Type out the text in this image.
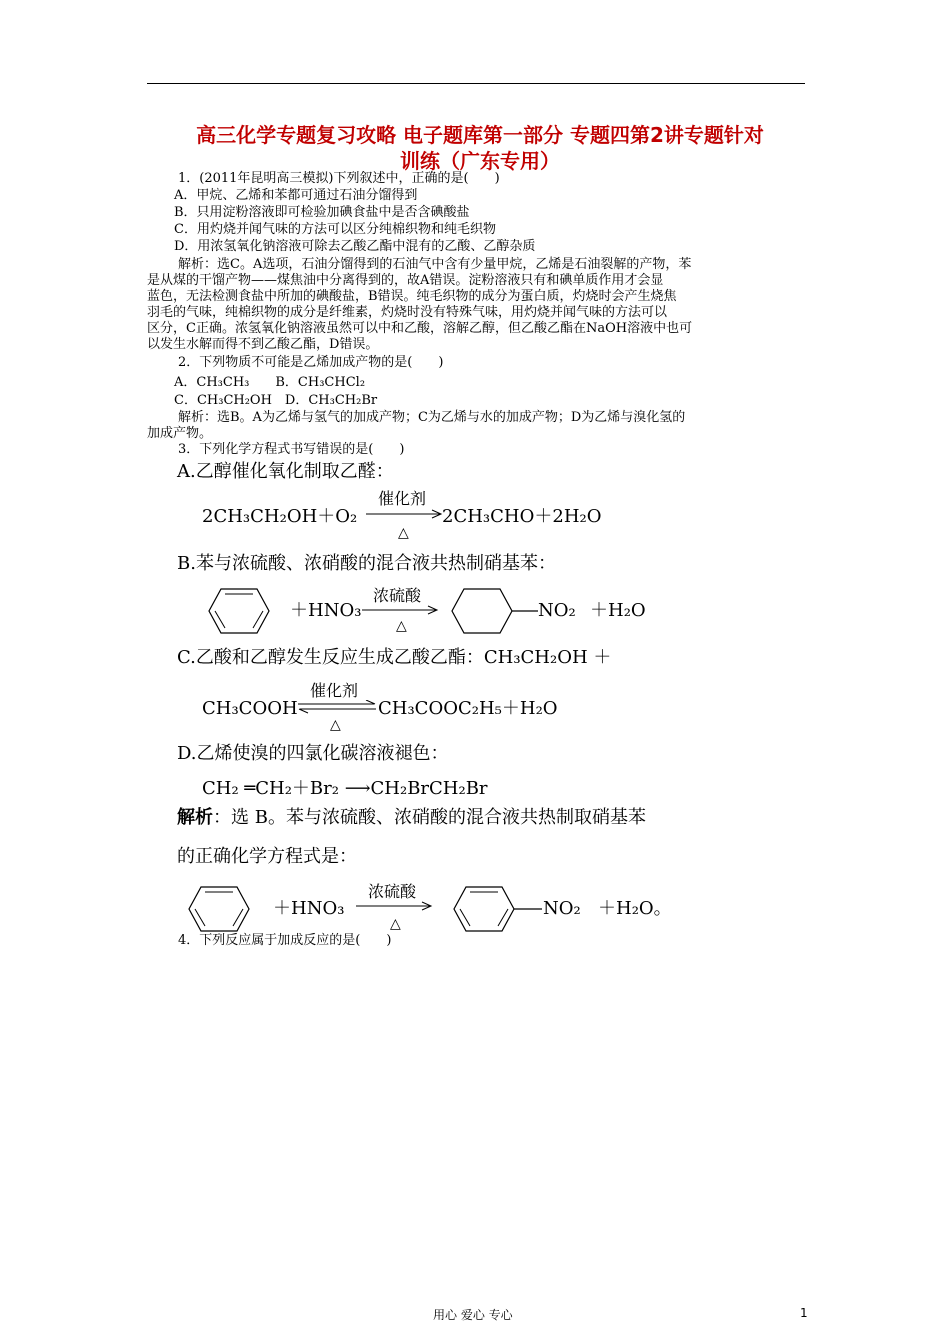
高三化学专题复习攻略 电子题库第一部分 专题四第2讲专题针对
训练（广东专用）
1．(2011年昆明高三模拟)下列叙述中，正确的是(　　)
A．甲烷、乙烯和苯都可通过石油分馏得到
B．只用淀粉溶液即可检验加碘食盐中是否含碘酸盐
C．用灼烧并闻气味的方法可以区分纯棉织物和纯毛织物
D．用浓氢氧化钠溶液可除去乙酸乙酯中混有的乙酸、乙醇杂质
解析：选C。A选项，石油分馏得到的石油气中含有少量甲烷，乙烯是石油裂解的产物，苯
是从煤的干馏产物——煤焦油中分离得到的，故A错误。淀粉溶液只有和碘单质作用才会显
蓝色，无法检测食盐中所加的碘酸盐，B错误。纯毛织物的成分为蛋白质，灼烧时会产生烧焦
羽毛的气味，纯棉织物的成分是纤维素，灼烧时没有特殊气味，用灼烧并闻气味的方法可以
区分，C正确。浓氢氧化钠溶液虽然可以中和乙酸，溶解乙醇，但乙酸乙酯在NaOH溶液中也可
以发生水解而得不到乙酸乙酯，D错误。
2．下列物质不可能是乙烯加成产物的是(　　)
A．CH₃CH₃　　B．CH₃CHCl₂
C．CH₃CH₂OH　D．CH₃CH₂Br
解析：选B。A为乙烯与氢气的加成产物；C为乙烯与水的加成产物；D为乙烯与溴化氢的
加成产物。
3．下列化学方程式书写错误的是(　　)
A.乙醇催化氧化制取乙醛：
2CH₃CH₂OH＋O₂
催化剂
△
2CH₃CHO＋2H₂O
B.苯与浓硫酸、浓硝酸的混合液共热制硝基苯：
＋HNO₃
浓硫酸
△
NO₂ ＋H₂O
C.乙酸和乙醇发生反应生成乙酸乙酯：CH₃CH₂OH ＋
CH₃COOH
催化剂
△
CH₃COOC₂H₅＋H₂O
D.乙烯使溴的四氯化碳溶液褪色：
CH₂ ═CH₂＋Br₂ ⟶CH₂BrCH₂Br
解析：选 B。苯与浓硫酸、浓硝酸的混合液共热制取硝基苯
的正确化学方程式是：
＋HNO₃
浓硫酸
△
NO₂ ＋H₂O。
4．下列反应属于加成反应的是(　　)
用心 爱心 专心	1
